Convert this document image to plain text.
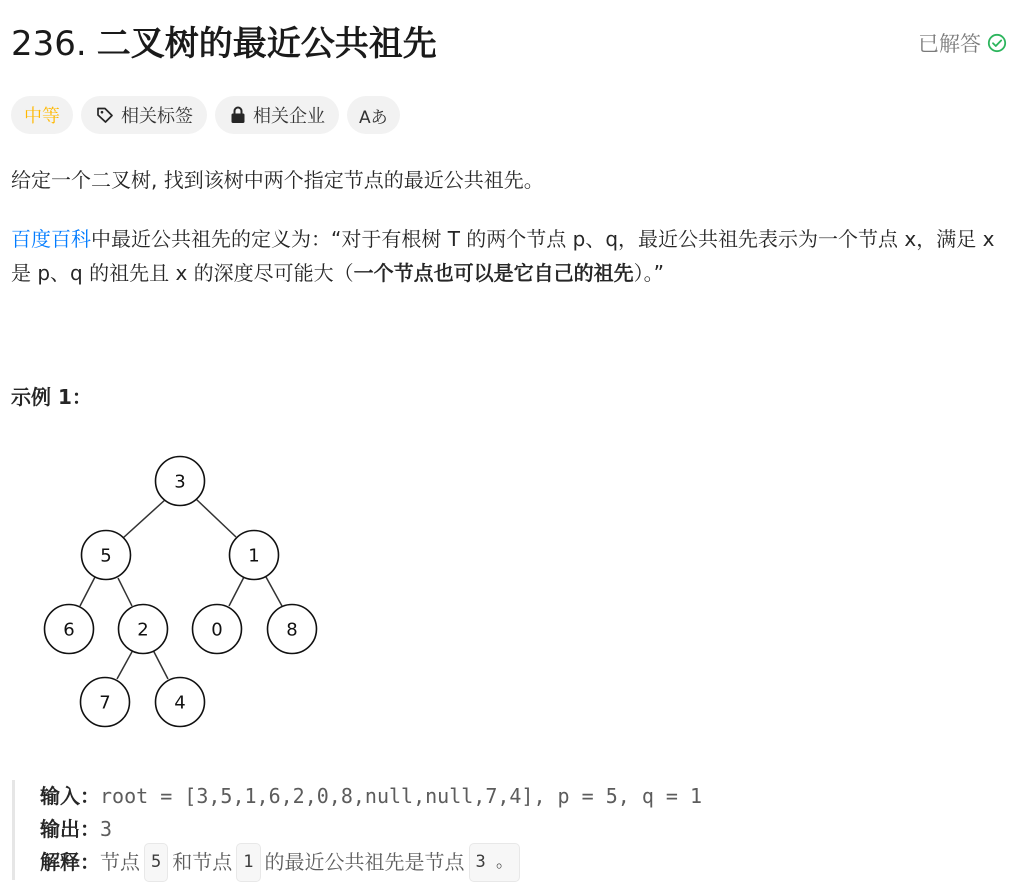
236. 二叉树的最近公共祖先	已解答
中等	相关标签	相关企业 Aあ
给定一个二叉树, 找到该树中两个指定节点的最近公共祖先。
百度百科中最近公共祖先的定义为：“对于有根树 T 的两个节点 p、q，最近公共祖先表示为一个节点 x，满足 x 是 p、q 的祖先且 x 的深度尽可能大（一个节点也可以是它自己的祖先）。”
示例 1：
3
5	1
6	2	0	8
7	4
输入： root = [3,5,1,6,2,0,8,null,null,7,4], p = 5, q = 1
输出： 3
解释： 节点 5 和节点 1 的最近公共祖先是节点 3 。
